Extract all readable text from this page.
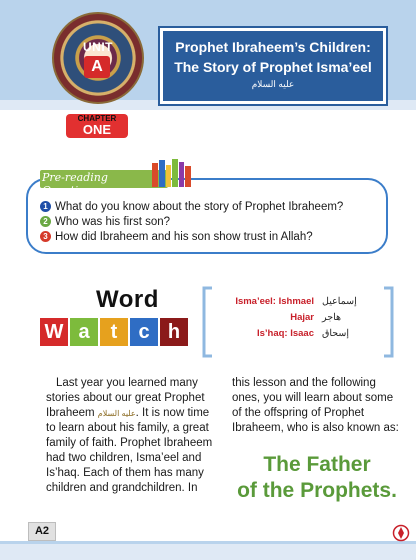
UNIT
A
Prophet Ibraheem’s Children:
The Story of Prophet Isma’eel
عليه السلام
CHAPTER
ONE
Pre-reading Questions
1 What do you know about the story of Prophet Ibraheem?
2 Who was his first son?
3 How did Ibraheem and his son show trust in Allah?
Word
W a t c h
Isma’eel: Ishmael إسماعيل
Hajar هاجر
Is’haq: Isaac إسحاق
Last year you learned many stories about our great Prophet Ibraheem عليه السلام. It is now time to learn about his family, a great family of faith. Prophet Ibraheem had two children, Isma’eel and Is’haq. Each of them has many children and grandchildren. In
this lesson and the following ones, you will learn about some of the offspring of Prophet Ibraheem, who is also known as:
The Father
of the Prophets.
A2
